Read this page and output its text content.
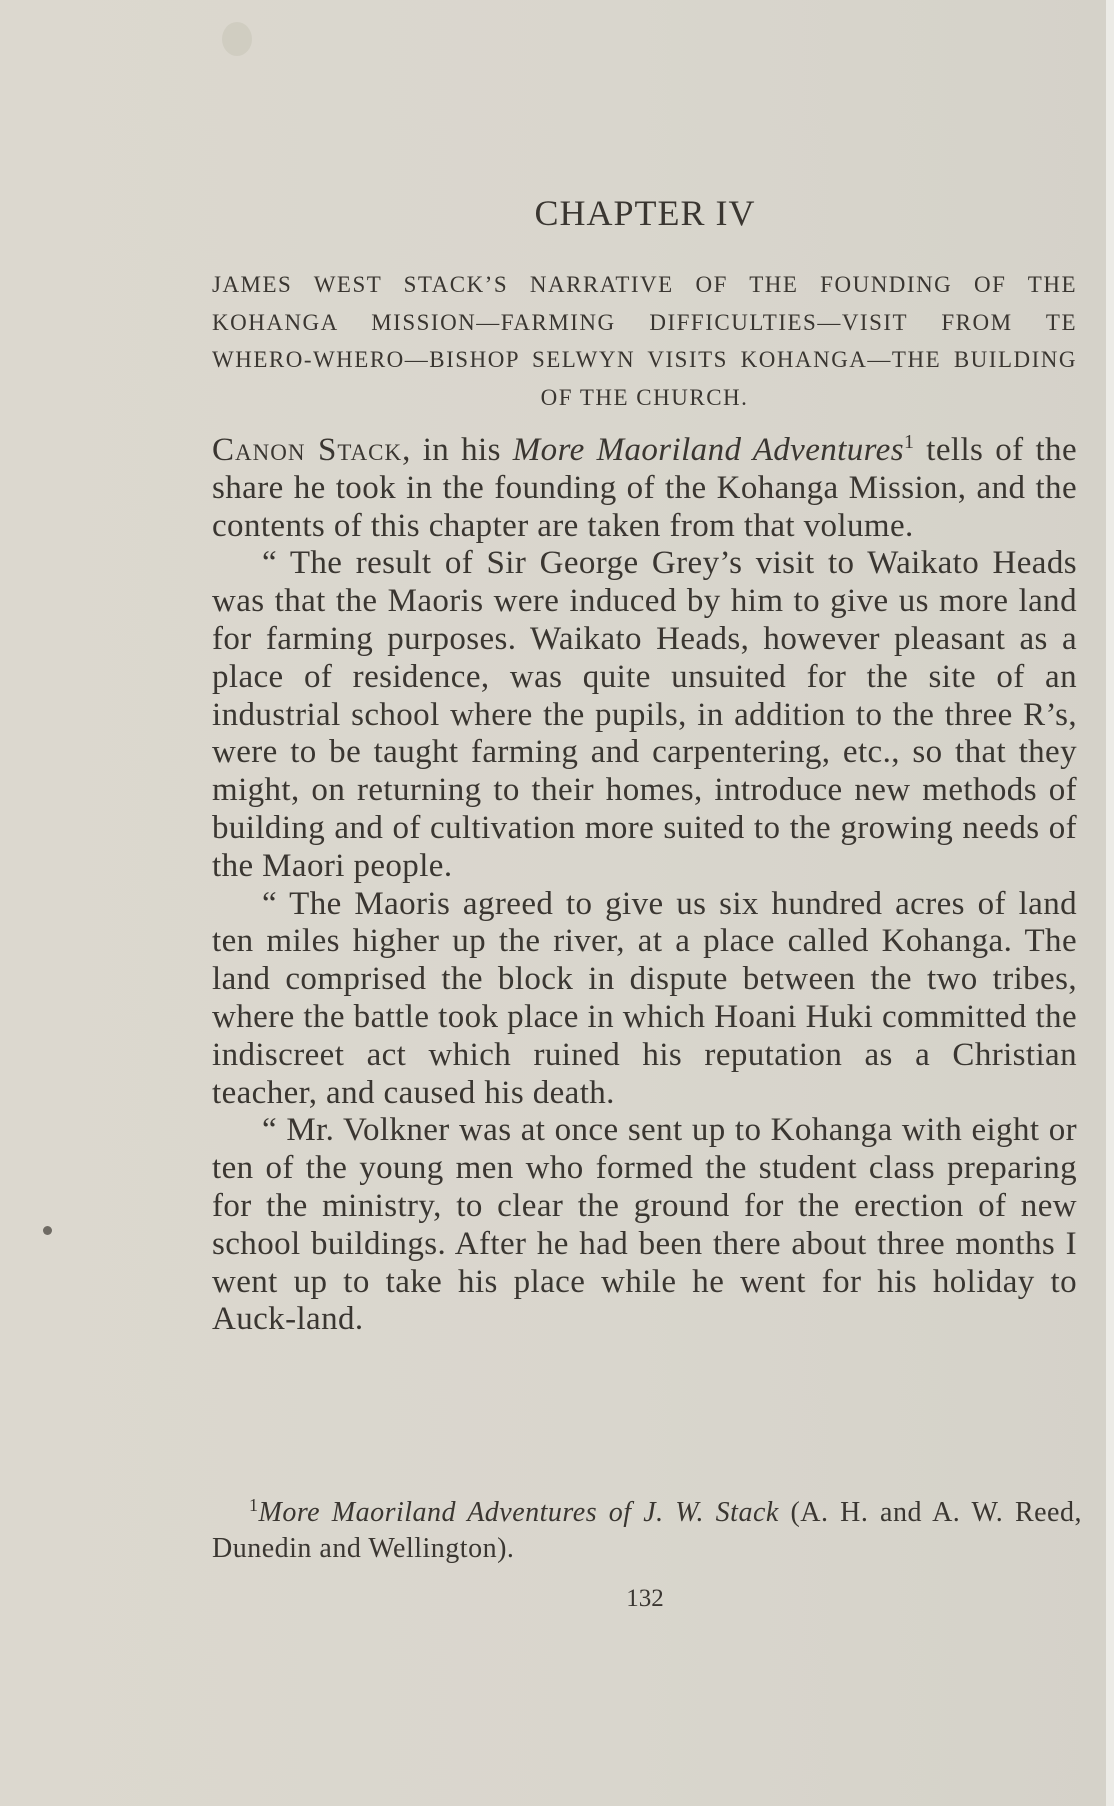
CHAPTER IV
JAMES WEST STACK’S NARRATIVE OF THE FOUNDING OF THE KOHANGA MISSION—FARMING DIFFICULTIES—VISIT FROM TE WHERO-WHERO—BISHOP SELWYN VISITS KOHANGA—THE BUILDING OF THE CHURCH.

Canon Stack, in his More Maoriland Adventures$^1$ tells of the share he took in the founding of the Kohanga Mission, and the contents of this chapter are taken from that volume.

“ The result of Sir George Grey’s visit to Waikato Heads was that the Maoris were induced by him to give us more land for farming purposes. Waikato Heads, however pleasant as a place of residence, was quite unsuited for the site of an industrial school where the pupils, in addition to the three R’s, were to be taught farming and carpentering, etc., so that they might, on returning to their homes, introduce new methods of building and of cultivation more suited to the growing needs of the Maori people.

“ The Maoris agreed to give us six hundred acres of land ten miles higher up the river, at a place called Kohanga. The land comprised the block in dispute between the two tribes, where the battle took place in which Hoani Huki committed the indiscreet act which ruined his reputation as a Christian teacher, and caused his death.

“ Mr. Volkner was at once sent up to Kohanga with eight or ten of the young men who formed the student class preparing for the ministry, to clear the ground for the erection of new school buildings. After he had been there about three months I went up to take his place while he went for his holiday to Auck-land.

$^1$More Maoriland Adventures of J. W. Stack (A. H. and A. W. Reed, Dunedin and Wellington).
132
